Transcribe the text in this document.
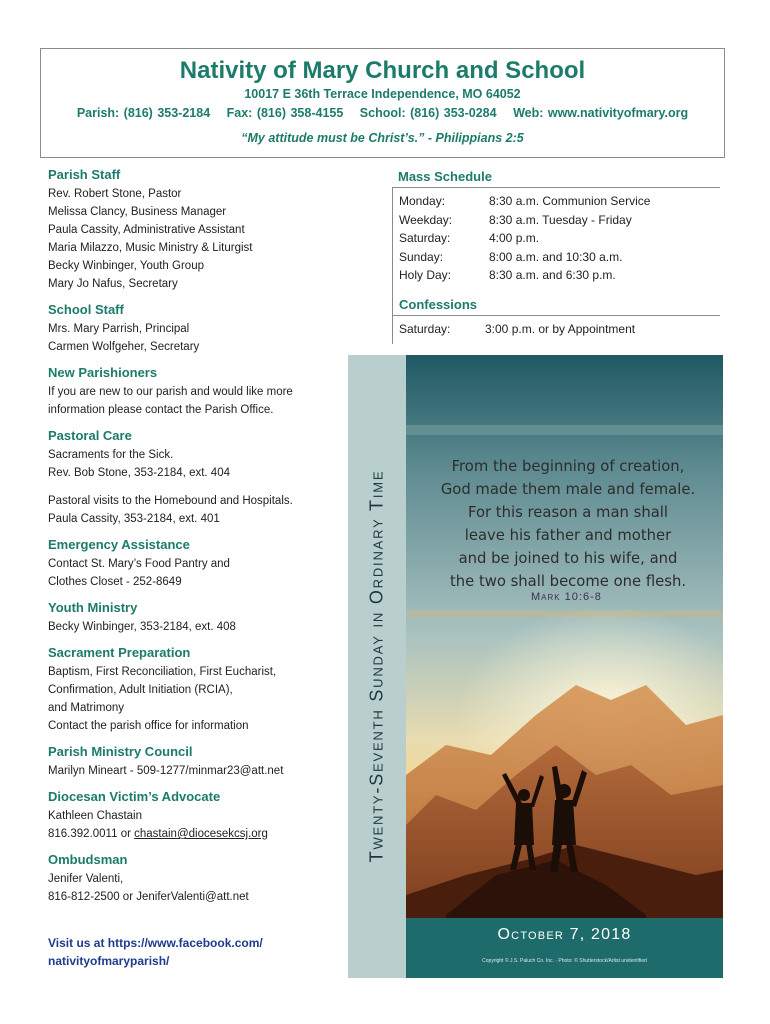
Nativity of Mary Church and School
10017 E 36th Terrace Independence, MO 64052
Parish: (816) 353-2184 Fax: (816) 358-4155 School: (816) 353-0284 Web: www.nativityofmary.org
“My attitude must be Christ’s.” - Philippians 2:5
Parish Staff
Rev. Robert Stone, Pastor
Melissa Clancy, Business Manager
Paula Cassity, Administrative Assistant
Maria Milazzo, Music Ministry & Liturgist
Becky Winbinger, Youth Group
Mary Jo Nafus, Secretary
School Staff
Mrs. Mary Parrish, Principal
Carmen Wolfgeher, Secretary
New Parishioners
If you are new to our parish and would like more
information please contact the Parish Office.
Pastoral Care
Sacraments for the Sick.
Rev. Bob Stone, 353-2184, ext. 404
Pastoral visits to the Homebound and Hospitals.
Paula Cassity, 353-2184, ext. 401
Emergency Assistance
Contact St. Mary’s Food Pantry and
Clothes Closet - 252-8649
Youth Ministry
Becky Winbinger, 353-2184, ext. 408
Sacrament Preparation
Baptism, First Reconciliation, First Eucharist,
Confirmation, Adult Initiation (RCIA),
and Matrimony
Contact the parish office for information
Parish Ministry Council
Marilyn Mineart - 509-1277/minmar23@att.net
Diocesan Victim’s Advocate
Kathleen Chastain
816.392.0011 or chastain@diocesekcsj.org
Ombudsman
Jenifer Valenti,
816-812-2500 or JeniferValenti@att.net
Visit us at https://www.facebook.com/
nativityofmaryparish/
Mass Schedule
Monday:	8:30 a.m. Communion Service
Weekday:	8:30 a.m. Tuesday - Friday
Saturday:	4:00 p.m.
Sunday:	8:00 a.m. and 10:30 a.m.
Holy Day:	8:30 a.m. and 6:30 p.m.
Confessions
Saturday:	3:00 p.m. or by Appointment
Twenty-Seventh Sunday in Ordinary Time
From the beginning of creation,
God made them male and female.
For this reason a man shall
leave his father and mother
and be joined to his wife, and
the two shall become one flesh.
Mark 10:6-8
October 7, 2018
Copyright © J.S. Paluch Co. Inc. · Photo: © Shutterstock/Artist unidentified
